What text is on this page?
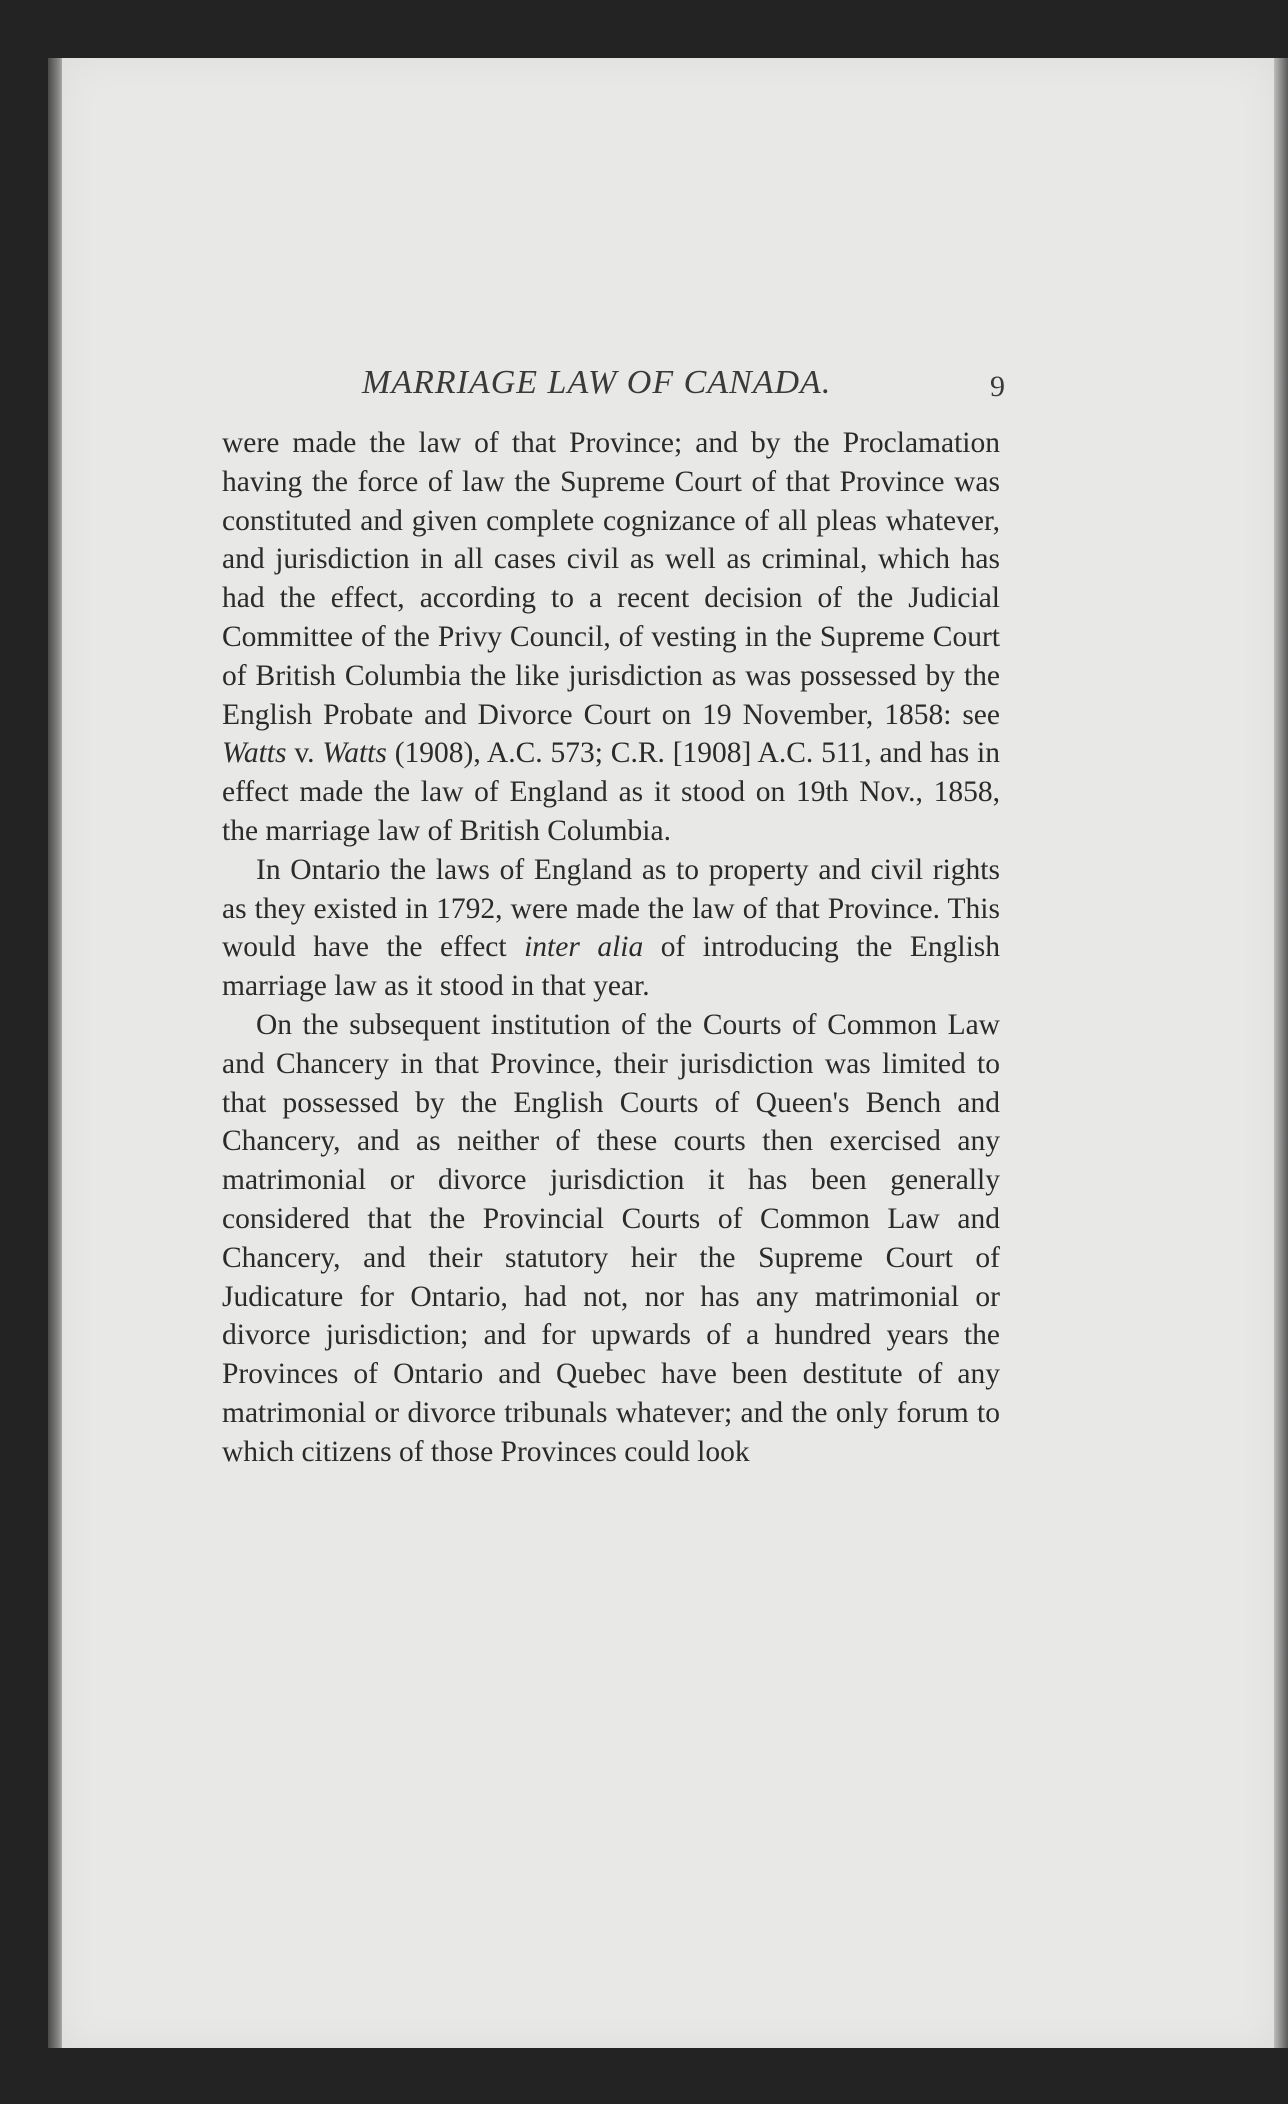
MARRIAGE LAW OF CANADA.	9

were made the law of that Province; and by the Proclamation having the force of law the Supreme Court of that Province was constituted and given complete cognizance of all pleas whatever, and jurisdiction in all cases civil as well as criminal, which has had the effect, according to a recent decision of the Judicial Committee of the Privy Council, of vesting in the Supreme Court of British Columbia the like jurisdiction as was possessed by the English Probate and Divorce Court on 19 November, 1858: see Watts v. Watts (1908), A.C. 573; C.R. [1908] A.C. 511, and has in effect made the law of England as it stood on 19th Nov., 1858, the marriage law of British Columbia.

In Ontario the laws of England as to property and civil rights as they existed in 1792, were made the law of that Province. This would have the effect inter alia of introducing the English marriage law as it stood in that year.

On the subsequent institution of the Courts of Common Law and Chancery in that Province, their jurisdiction was limited to that possessed by the English Courts of Queen's Bench and Chancery, and as neither of these courts then exercised any matrimonial or divorce jurisdiction it has been generally considered that the Provincial Courts of Common Law and Chancery, and their statutory heir the Supreme Court of Judicature for Ontario, had not, nor has any matrimonial or divorce jurisdiction; and for upwards of a hundred years the Provinces of Ontario and Quebec have been destitute of any matrimonial or divorce tribunals whatever; and the only forum to which citizens of those Provinces could look
